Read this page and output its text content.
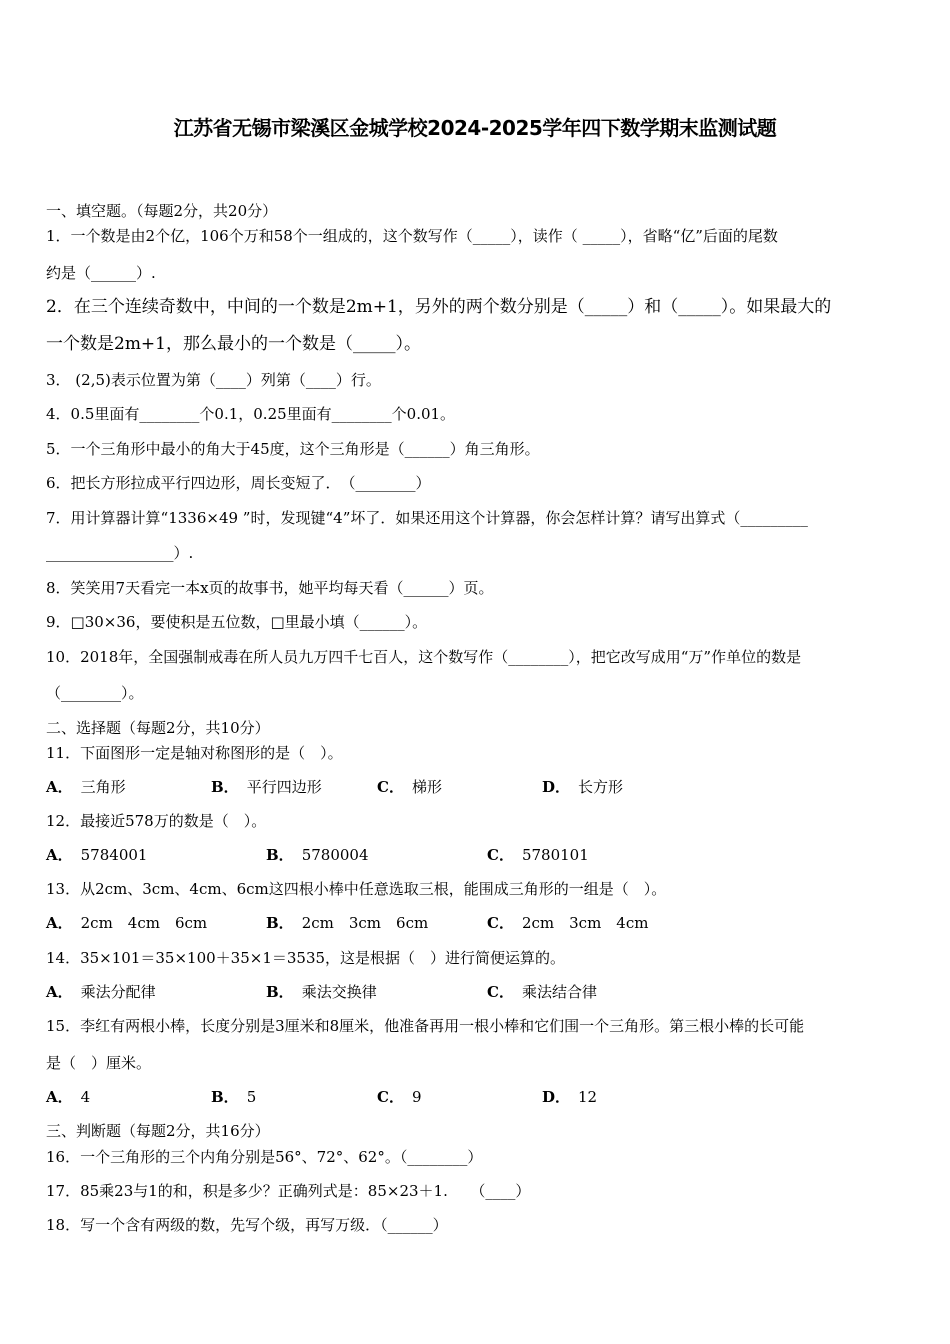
江苏省无锡市梁溪区金城学校2024-2025学年四下数学期末监测试题
一、填空题。（每题2分，共20分）
1．一个数是由2个亿，106个万和58个一组成的，这个数写作（_____），读作（ _____），省略“亿”后面的尾数
约是（______）.
2．在三个连续奇数中，中间的一个数是2m+1，另外的两个数分别是（_____）和（_____）。如果最大的
一个数是2m+1，那么最小的一个数是（_____）。
3． (2,5)表示位置为第（____）列第（____）行。
4．0.5里面有________个0.1，0.25里面有________个0.01。
5．一个三角形中最小的角大于45度，这个三角形是（______）角三角形。
6．把长方形拉成平行四边形，周长变短了．　（________）
7．用计算器计算“1336×49 ”时，发现键“4”坏了．如果还用这个计算器，你会怎样计算？请写出算式（_________
_________________）.
8．笑笑用7天看完一本x页的故事书，她平均每天看（______）页。
9．□30×36，要使积是五位数，□里最小填（______）。
10．2018年，全国强制戒毒在所人员九万四千七百人，这个数写作（________），把它改写成用“万”作单位的数是
（________）。
二、选择题（每题2分，共10分）
11．下面图形一定是轴对称图形的是（　）。
12．最接近578万的数是（　）。
13．从2cm、3cm、4cm、6cm这四根小棒中任意选取三根，能围成三角形的一组是（　）。
14．35×101＝35×100＋35×1＝3535，这是根据（　）进行简便运算的。
15．李红有两根小棒，长度分别是3厘米和8厘米，他准备再用一根小棒和它们围一个三角形。第三根小棒的长可能
是（　）厘米。
三、判断题（每题2分，共16分）
16．一个三角形的三个内角分别是56°、72°、62°。（________）
17．85乘23与1的和，积是多少？正确列式是：85×23＋1.　　（____）
18．写一个含有两级的数，先写个级，再写万级．（______）
A． 三角形	B． 平行四边形	C． 梯形	D． 长方形
A． 5784001	B． 5780004	C． 5780101
A． 2cm　4cm　6cm	B． 2cm　3cm　6cm	C． 2cm　3cm　4cm
A． 乘法分配律	B． 乘法交换律	C． 乘法结合律
A． 4	B． 5	C． 9	D． 12
